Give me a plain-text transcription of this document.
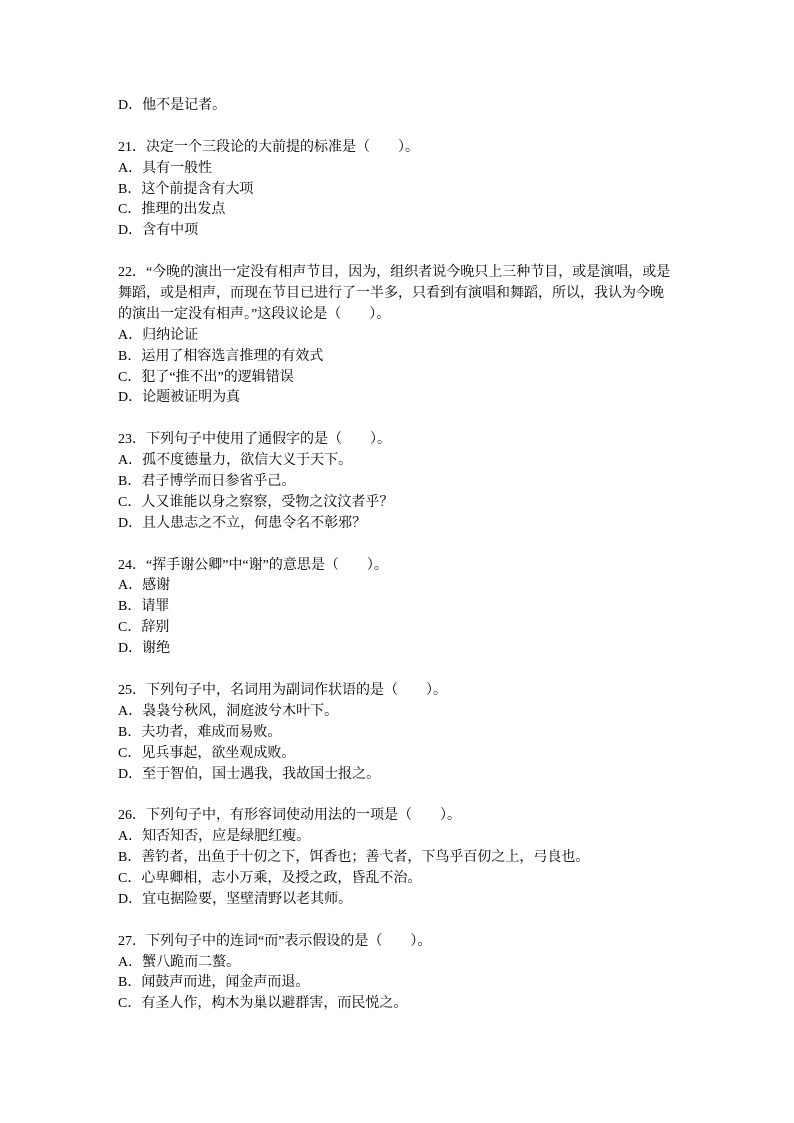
D．他不是记者。
21．决定一个三段论的大前提的标准是（　　）。
A．具有一般性
B．这个前提含有大项
C．推理的出发点
D．含有中项
22．“今晚的演出一定没有相声节目，因为，组织者说今晚只上三种节目，或是演唱，或是
舞蹈，或是相声，而现在节目已进行了一半多，只看到有演唱和舞蹈，所以，我认为今晚
的演出一定没有相声。”这段议论是（　　）。
A．归纳论证
B．运用了相容选言推理的有效式
C．犯了“推不出”的逻辑错误
D．论题被证明为真
23．下列句子中使用了通假字的是（　　）。
A．孤不度德量力，欲信大义于天下。
B．君子博学而日参省乎己。
C．人又谁能以身之察察，受物之汶汶者乎？
D．且人患志之不立，何患令名不彰邪？
24．“挥手谢公卿”中“谢”的意思是（　　）。
A．感谢
B．请罪
C．辞别
D．谢绝
25．下列句子中，名词用为副词作状语的是（　　）。
A．袅袅兮秋风，洞庭波兮木叶下。
B．夫功者，难成而易败。
C．见兵事起，欲坐观成败。
D．至于智伯，国士遇我，我故国士报之。
26．下列句子中，有形容词使动用法的一项是（　　）。
A．知否知否，应是绿肥红瘦。
B．善钓者，出鱼于十仞之下，饵香也；善弋者，下鸟乎百仞之上，弓良也。
C．心卑卿相，志小万乘，及授之政，昏乱不治。
D．宜屯据险要，坚壁清野以老其师。
27．下列句子中的连词“而”表示假设的是（　　）。
A．蟹八跪而二螯。
B．闻鼓声而进，闻金声而退。
C．有圣人作，构木为巢以避群害，而民悦之。
